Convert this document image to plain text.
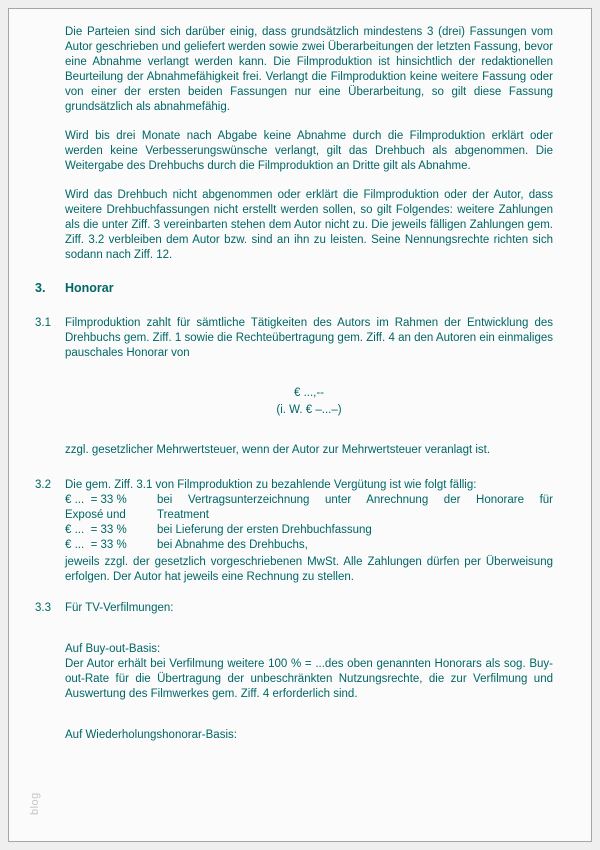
Die Parteien sind sich darüber einig, dass grundsätzlich mindestens 3 (drei) Fassungen vom Autor geschrieben und geliefert werden sowie zwei Überarbeitungen der letzten Fassung, bevor eine Abnahme verlangt werden kann. Die Filmproduktion ist hinsichtlich der redaktionellen Beurteilung der Abnahmefähigkeit frei. Verlangt die Filmproduktion keine weitere Fassung oder von einer der ersten beiden Fassungen nur eine Überarbeitung, so gilt diese Fassung grundsätzlich als abnahmefähig.

Wird bis drei Monate nach Abgabe keine Abnahme durch die Filmproduktion erklärt oder werden keine Verbesserungswünsche verlangt, gilt das Drehbuch als abgenommen. Die Weitergabe des Drehbuchs durch die Filmproduktion an Dritte gilt als Abnahme.

Wird das Drehbuch nicht abgenommen oder erklärt die Filmproduktion oder der Autor, dass weitere Drehbuchfassungen nicht erstellt werden sollen, so gilt Folgendes: weitere Zahlungen als die unter Ziff. 3 vereinbarten stehen dem Autor nicht zu. Die jeweils fälligen Zahlungen gem. Ziff. 3.2 verbleiben dem Autor bzw. sind an ihn zu leisten. Seine Nennungsrechte richten sich sodann nach Ziff. 12.

3.	Honorar
3.1	Filmproduktion zahlt für sämtliche Tätigkeiten des Autors im Rahmen der Entwicklung des Drehbuchs gem. Ziff. 1 sowie die Rechteübertragung gem. Ziff. 4 an den Autoren ein einmaliges pauschales Honorar von

€ ...,--
(i. W. € –...–)

zzgl. gesetzlicher Mehrwertsteuer, wenn der Autor zur Mehrwertsteuer veranlagt ist.

3.2	Die gem. Ziff. 3.1 von Filmproduktion zu bezahlende Vergütung ist wie folgt fällig:

€ ...  = 33 %	bei Vertragsunterzeichnung unter Anrechnung der Honorare für
Exposé und	Treatment
€ ...  = 33 %	bei Lieferung der ersten Drehbuchfassung
€ ...  = 33 %	bei Abnahme des Drehbuchs,

jeweils zzgl. der gesetzlich vorgeschriebenen MwSt. Alle Zahlungen dürfen per Überweisung erfolgen. Der Autor hat jeweils eine Rechnung zu stellen.

3.3	Für TV-Verfilmungen:

Auf Buy-out-Basis:

Der Autor erhält bei Verfilmung weitere 100 % = ...des oben genannten Honorars als sog. Buy-out-Rate für die Übertragung der unbeschränkten Nutzungsrechte, die zur Verfilmung und Auswertung des Filmwerkes gem. Ziff. 4 erforderlich sind.

Auf Wiederholungshonorar-Basis:

blog
